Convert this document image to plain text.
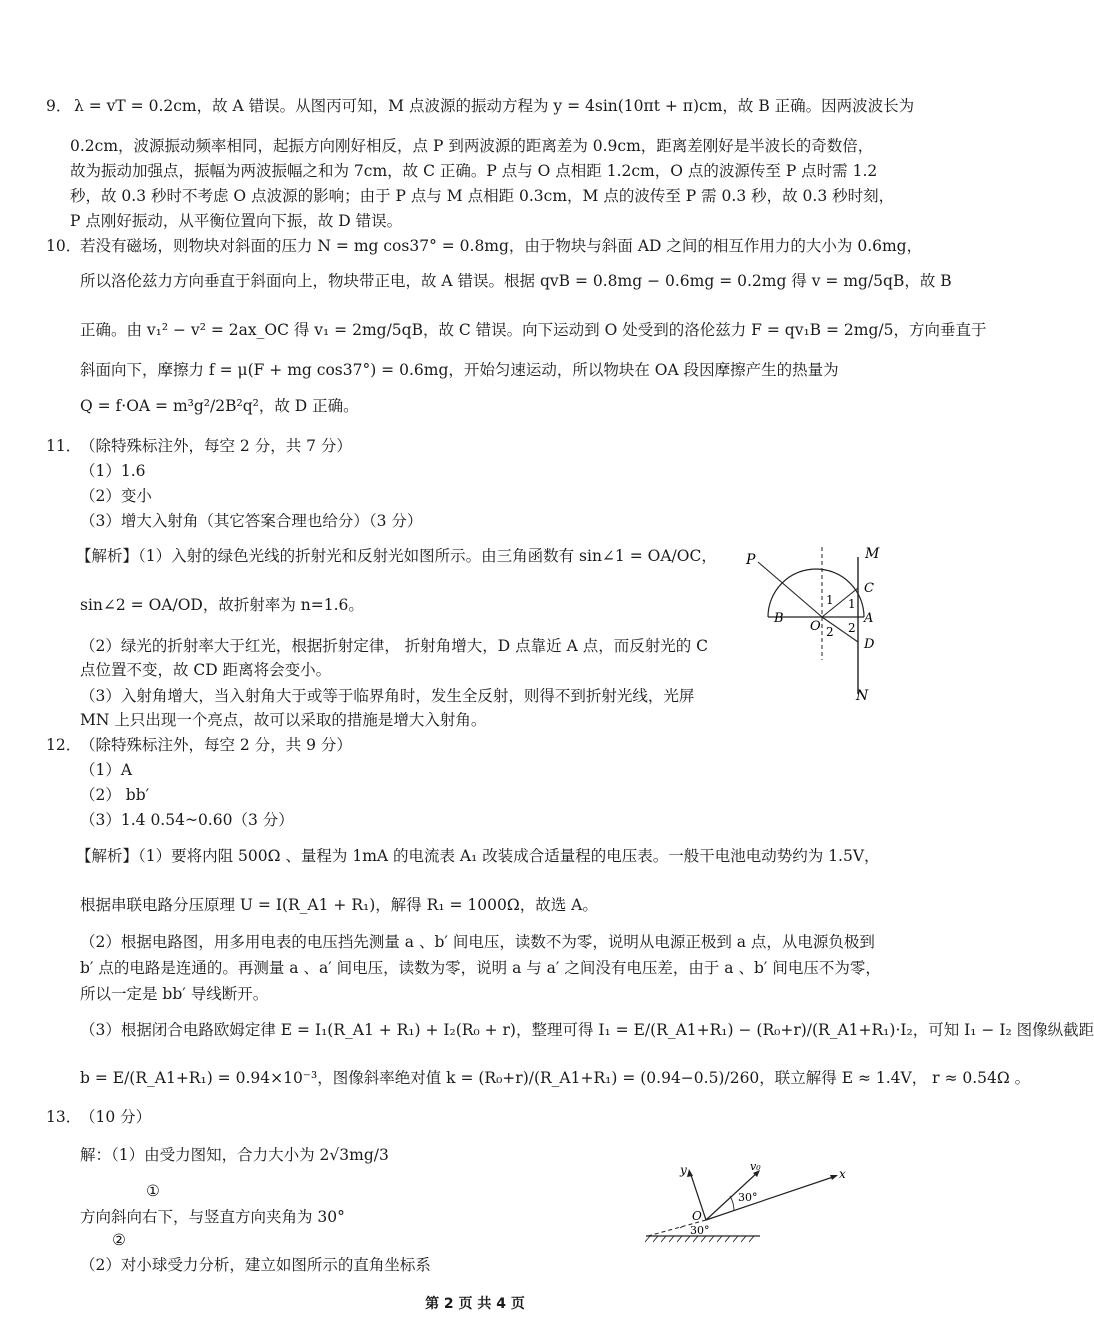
9． λ = vT = 0.2cm，故 A 错误。从图丙可知，M 点波源的振动方程为 y = 4sin(10πt + π)cm，故 B 正确。因两波波长为
0.2cm，波源振动频率相同，起振方向刚好相反，点 P 到两波源的距离差为 0.9cm，距离差刚好是半波长的奇数倍，
故为振动加强点，振幅为两波振幅之和为 7cm，故 C 正确。P 点与 O 点相距 1.2cm，O 点的波源传至 P 点时需 1.2
秒，故 0.3 秒时不考虑 O 点波源的影响；由于 P 点与 M 点相距 0.3cm，M 点的波传至 P 需 0.3 秒，故 0.3 秒时刻，
P 点刚好振动，从平衡位置向下振，故 D 错误。
10．
若没有磁场，则物块对斜面的压力 N = mg cos37° = 0.8mg，由于物块与斜面 AD 之间的相互作用力的大小为 0.6mg，
所以洛伦兹力方向垂直于斜面向上，物块带正电，故 A 错误。根据 qvB = 0.8mg − 0.6mg = 0.2mg 得 v = mg/5qB，故 B
正确。由 v₁² − v² = 2ax_OC 得 v₁ = 2mg/5qB，故 C 错误。向下运动到 O 处受到的洛伦兹力 F = qv₁B = 2mg/5，方向垂直于
斜面向下，摩擦力 f = μ(F + mg cos37°) = 0.6mg，开始匀速运动，所以物块在 OA 段因摩擦产生的热量为
Q = f·OA = m³g²/2B²q²，故 D 正确。
11．
（除特殊标注外，每空 2 分，共 7 分）
（1）1.6
（2）变小
（3）增大入射角（其它答案合理也给分）（3 分）
【解析】（1）入射的绿色光线的折射光和反射光如图所示。由三角函数有 sin∠1 = OA/OC，
sin∠2 = OA/OD，故折射率为 n=1.6。
（2）绿光的折射率大于红光，根据折射定律， 折射角增大，D 点靠近 A 点，而反射光的 C
点位置不变，故 CD 距离将会变小。
（3）入射角增大，当入射角大于或等于临界角时，发生全反射，则得不到折射光线，光屏
MN 上只出现一个亮点，故可以采取的措施是增大入射角。
P	M
C
1 1
B
O
A
2 2
D
N
12．
（除特殊标注外，每空 2 分，共 9 分）
（1）A
（2） bb′
（3）1.4 0.54~0.60（3 分）
【解析】（1）要将内阻 500Ω 、量程为 1mA 的电流表 A₁ 改装成合适量程的电压表。一般干电池电动势约为 1.5V，
根据串联电路分压原理 U = I(R_A1 + R₁)，解得 R₁ = 1000Ω，故选 A。
（2）根据电路图，用多用电表的电压挡先测量 a 、b′ 间电压，读数不为零，说明从电源正极到 a 点，从电源负极到
b′ 点的电路是连通的。再测量 a 、a′ 间电压，读数为零，说明 a 与 a′ 之间没有电压差，由于 a 、b′ 间电压不为零，
所以一定是 bb′ 导线断开。
（3）根据闭合电路欧姆定律 E = I₁(R_A1 + R₁) + I₂(R₀ + r)，整理可得 I₁ = E/(R_A1+R₁) − (R₀+r)/(R_A1+R₁)·I₂，可知 I₁ − I₂ 图像纵截距
b = E/(R_A1+R₁) = 0.94×10⁻³，图像斜率绝对值 k = (R₀+r)/(R_A1+R₁) = (0.94−0.5)/260，联立解得 E ≈ 1.4V， r ≈ 0.54Ω 。
13．
（10 分）
解：（1）由受力图知，合力大小为 2√3mg/3
①
方向斜向右下，与竖直方向夹角为 30°
②
（2）对小球受力分析，建立如图所示的直角坐标系
y	v₀
x
30°
O
30°
第 2 页 共 4 页
